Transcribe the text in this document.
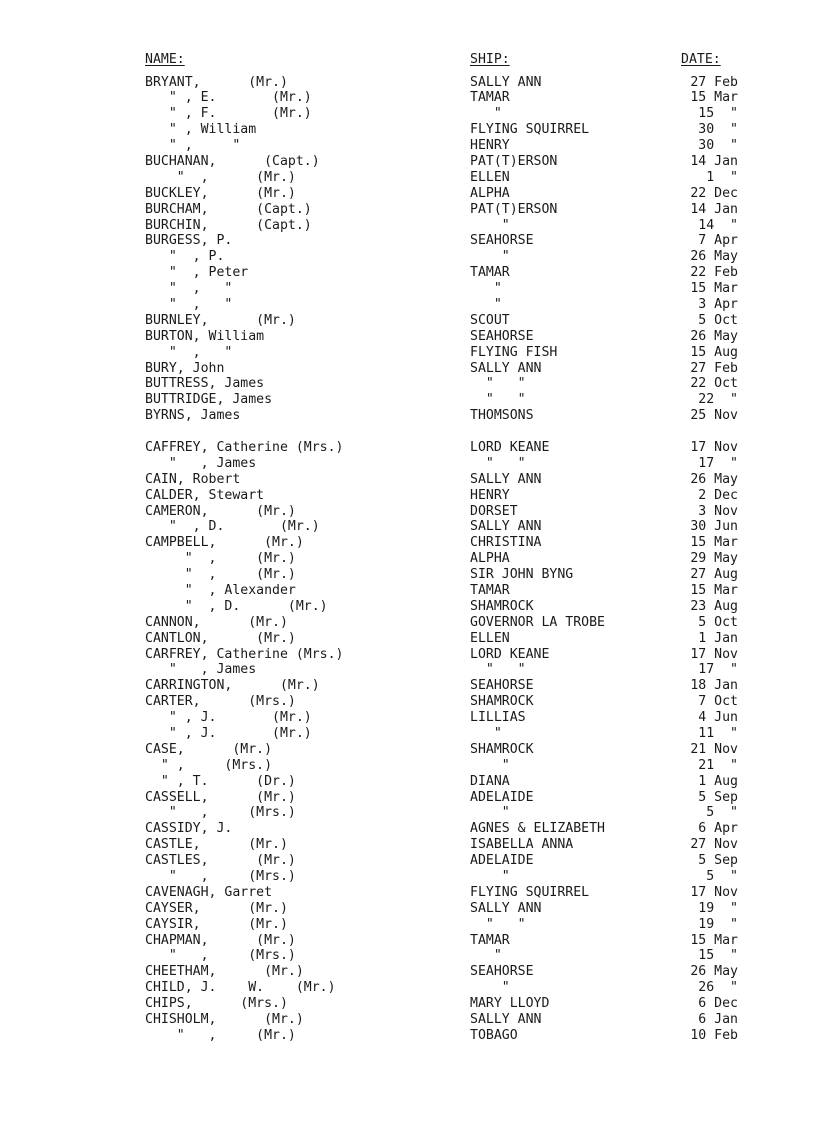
NAME:	SHIP:	DATE:
BRYANT,      (Mr.)	SALLY ANN	27 Feb
" , E.       (Mr.)	TAMAR	15 Mar
" , F.       (Mr.)	"	15  "
" , William	FLYING SQUIRREL	30  "
" ,     "	HENRY	30  "
BUCHANAN,      (Capt.)	PAT(T)ERSON	14 Jan
"  ,      (Mr.)	ELLEN	1  "
BUCKLEY,      (Mr.)	ALPHA	22 Dec
BURCHAM,      (Capt.)	PAT(T)ERSON	14 Jan
BURCHIN,      (Capt.)	"	14  "
BURGESS, P.	SEAHORSE	7 Apr
"  , P.	"	26 May
"  , Peter	TAMAR	22 Feb
"  ,   "	"	15 Mar
"  ,   "	"	3 Apr
BURNLEY,      (Mr.)	SCOUT	5 Oct
BURTON, William	SEAHORSE	26 May
"  ,   "	FLYING FISH	15 Aug
BURY, John	SALLY ANN	27 Feb
BUTTRESS, James	"   "	22 Oct
BUTTRIDGE, James	"   "	22  "
BYRNS, James	THOMSONS	25 Nov
CAFFREY, Catherine (Mrs.)	LORD KEANE	17 Nov
"   , James	"   "	17  "
CAIN, Robert	SALLY ANN	26 May
CALDER, Stewart	HENRY	2 Dec
CAMERON,      (Mr.)	DORSET	3 Nov
"  , D.       (Mr.)	SALLY ANN	30 Jun
CAMPBELL,      (Mr.)	CHRISTINA	15 Mar
"  ,     (Mr.)	ALPHA	29 May
"  ,     (Mr.)	SIR JOHN BYNG	27 Aug
"  , Alexander	TAMAR	15 Mar
"  , D.      (Mr.)	SHAMROCK	23 Aug
CANNON,      (Mr.)	GOVERNOR LA TROBE	5 Oct
CANTLON,      (Mr.)	ELLEN	1 Jan
CARFREY, Catherine (Mrs.)	LORD KEANE	17 Nov
"   , James	"   "	17  "
CARRINGTON,      (Mr.)	SEAHORSE	18 Jan
CARTER,      (Mrs.)	SHAMROCK	7 Oct
" , J.       (Mr.)	LILLIAS	4 Jun
" , J.       (Mr.)	"	11  "
CASE,      (Mr.)	SHAMROCK	21 Nov
" ,     (Mrs.)	"	21  "
" , T.      (Dr.)	DIANA	1 Aug
CASSELL,      (Mr.)	ADELAIDE	5 Sep
"   ,     (Mrs.)	"	5  "
CASSIDY, J.	AGNES & ELIZABETH	6 Apr
CASTLE,      (Mr.)	ISABELLA ANNA	27 Nov
CASTLES,      (Mr.)	ADELAIDE	5 Sep
"   ,     (Mrs.)	"	5  "
CAVENAGH, Garret	FLYING SQUIRREL	17 Nov
CAYSER,      (Mr.)	SALLY ANN	19  "
CAYSIR,      (Mr.)	"   "	19  "
CHAPMAN,      (Mr.)	TAMAR	15 Mar
"   ,     (Mrs.)	"	15  "
CHEETHAM,      (Mr.)	SEAHORSE	26 May
CHILD, J.    W.    (Mr.)	"	26  "
CHIPS,      (Mrs.)	MARY LLOYD	6 Dec
CHISHOLM,      (Mr.)	SALLY ANN	6 Jan
"   ,     (Mr.)	TOBAGO	10 Feb
